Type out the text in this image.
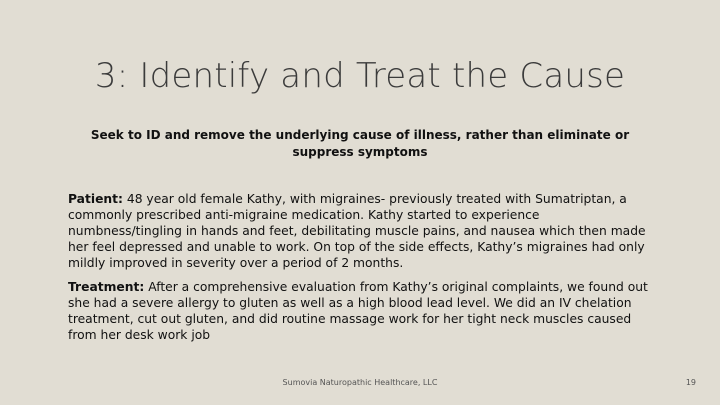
3: Identify and Treat the Cause
Seek to ID and remove the underlying cause of illness, rather than eliminate or suppress symptoms
Patient: 48 year old female Kathy, with migraines- previously treated with Sumatriptan, a commonly prescribed anti-migraine medication. Kathy started to experience numbness/tingling in hands and feet, debilitating muscle pains, and nausea which then made her feel depressed and unable to work. On top of the side effects, Kathy’s migraines had only mildly improved in severity over a period of 2 months.
Treatment: After a comprehensive evaluation from Kathy’s original complaints, we found out she had a severe allergy to gluten as well as a high blood lead level. We did an IV chelation treatment, cut out gluten, and did routine massage work for her tight neck muscles caused from her desk work job
Sumovia Naturopathic Healthcare, LLC	19
